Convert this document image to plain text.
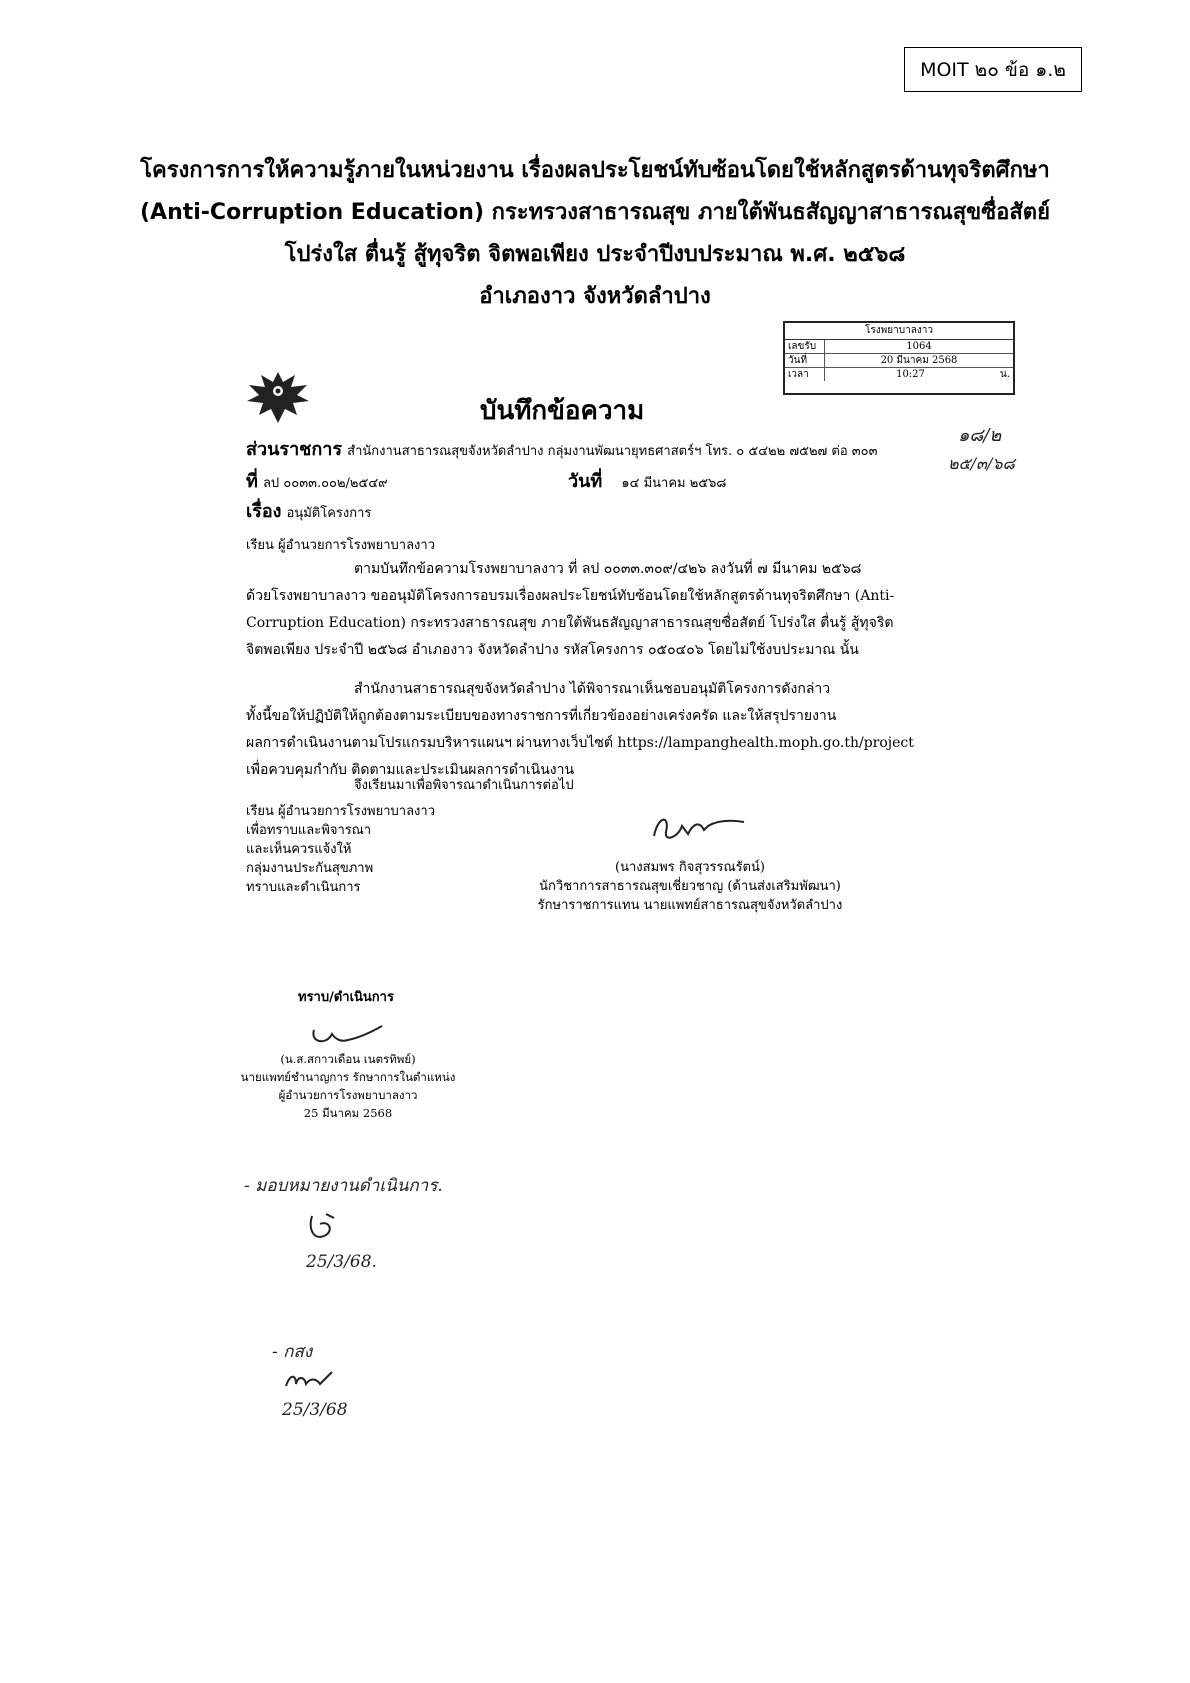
MOIT ๒๐ ข้อ ๑.๒
โครงการการให้ความรู้ภายในหน่วยงาน เรื่องผลประโยชน์ทับซ้อนโดยใช้หลักสูตรด้านทุจริตศึกษา
(Anti-Corruption Education) กระทรวงสาธารณสุข ภายใต้พันธสัญญาสาธารณสุขซื่อสัตย์
โปร่งใส ตื่นรู้ สู้ทุจริต จิตพอเพียง ประจำปีงบประมาณ พ.ศ. ๒๕๖๘
อำเภองาว จังหวัดลำปาง
โรงพยาบาลงาว
เลขรับ	1064
วันที่	20 มีนาคม 2568
เวลา	10:27	น.
บันทึกข้อความ
๑๘/๒
๒๕/๓/๖๘
ส่วนราชการ สำนักงานสาธารณสุขจังหวัดลำปาง กลุ่มงานพัฒนายุทธศาสตร์ฯ โทร. ๐ ๕๔๒๒ ๗๕๒๗ ต่อ ๓๐๓
ที่ ลป ๐๐๓๓.๐๐๒/๒๕๔๙	วันที่ ๑๔ มีนาคม ๒๕๖๘
เรื่อง อนุมัติโครงการ
เรียน ผู้อำนวยการโรงพยาบาลงาว
ตามบันทึกข้อความโรงพยาบาลงาว ที่ ลป ๐๐๓๓.๓๐๙/๔๒๖ ลงวันที่ ๗ มีนาคม ๒๕๖๘
ด้วยโรงพยาบาลงาว ขออนุมัติโครงการอบรมเรื่องผลประโยชน์ทับซ้อนโดยใช้หลักสูตรด้านทุจริตศึกษา (Anti-
Corruption Education) กระทรวงสาธารณสุข ภายใต้พันธสัญญาสาธารณสุขซื่อสัตย์ โปร่งใส ตื่นรู้ สู้ทุจริต
จิตพอเพียง ประจำปี ๒๕๖๘ อำเภองาว จังหวัดลำปาง รหัสโครงการ ๐๕๐๔๐๖ โดยไม่ใช้งบประมาณ นั้น
สำนักงานสาธารณสุขจังหวัดลำปาง ได้พิจารณาเห็นชอบอนุมัติโครงการดังกล่าว
ทั้งนี้ขอให้ปฏิบัติให้ถูกต้องตามระเบียบของทางราชการที่เกี่ยวข้องอย่างเคร่งครัด และให้สรุปรายงาน
ผลการดำเนินงานตามโปรแกรมบริหารแผนฯ ผ่านทางเว็บไซต์ https://lampanghealth.moph.go.th/project
เพื่อควบคุมกำกับ ติดตามและประเมินผลการดำเนินงาน
จึงเรียนมาเพื่อพิจารณาดำเนินการต่อไป
เรียน ผู้อำนวยการโรงพยาบาลงาว
เพื่อทราบและพิจารณา
และเห็นควรแจ้งให้
กลุ่มงานประกันสุขภาพ
ทราบและดำเนินการ
(นางสมพร กิจสุวรรณรัตน์)
นักวิชาการสาธารณสุขเชี่ยวชาญ (ด้านส่งเสริมพัฒนา)
รักษาราชการแทน นายแพทย์สาธารณสุขจังหวัดลำปาง
ทราบ/ดำเนินการ
(น.ส.สกาวเดือน เนตรทิพย์)
นายแพทย์ชำนาญการ รักษาการในตำแหน่ง
ผู้อำนวยการโรงพยาบาลงาว
25 มีนาคม 2568
- มอบหมายงานดำเนินการ.
25/3/68.
- กสง
25/3/68
